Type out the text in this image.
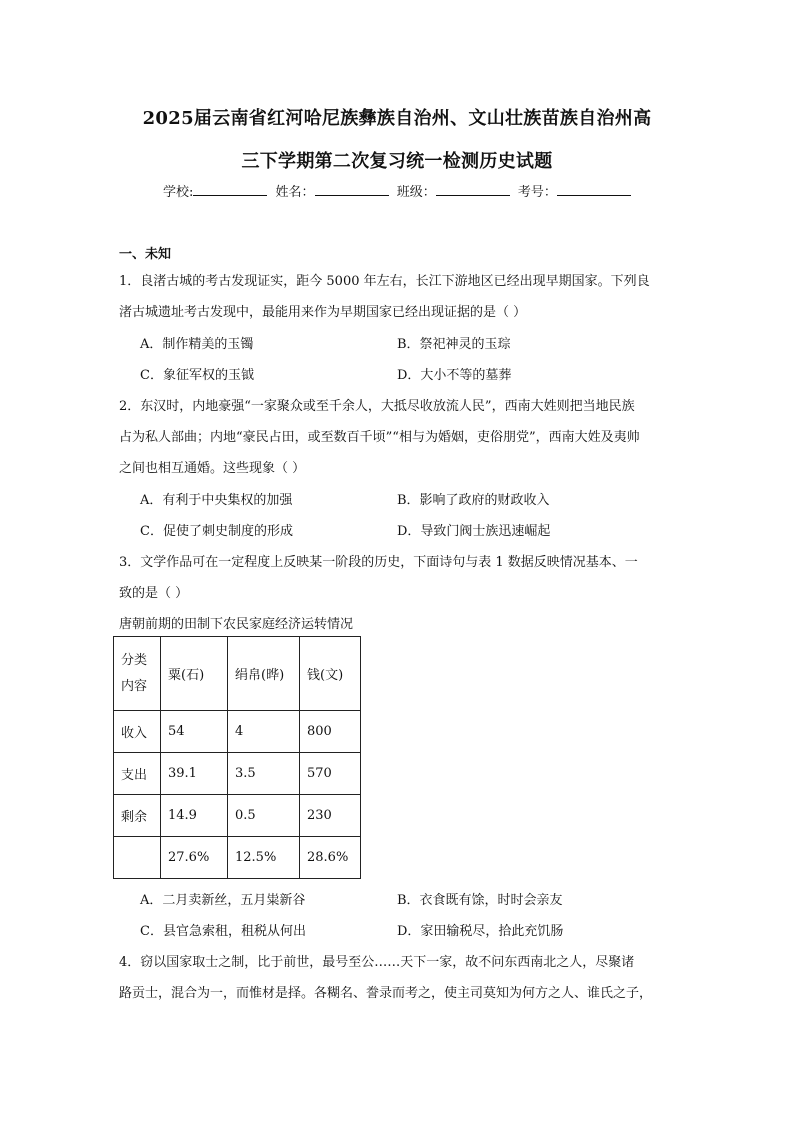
2025届云南省红河哈尼族彝族自治州、文山壮族苗族自治州高
三下学期第二次复习统一检测历史试题
学校:	姓名：	班级：	考号：
一、未知
1．良渚古城的考古发现证实，距今 5000 年左右，长江下游地区已经出现早期国家。下列良
渚古城遗址考古发现中，最能用来作为早期国家已经出现证据的是（ ）
A．制作精美的玉镯	B．祭祀神灵的玉琮
C．象征军权的玉钺	D．大小不等的墓葬
2．东汉时，内地豪强“一家聚众或至千余人，大抵尽收放流人民”，西南大姓则把当地民族
占为私人部曲；内地“豪民占田，或至数百千顷”“相与为婚姻，吏俗朋党”，西南大姓及夷帅
之间也相互通婚。这些现象（ ）
A．有利于中央集权的加强	B．影响了政府的财政收入
C．促使了刺史制度的形成	D．导致门阀士族迅速崛起
3．文学作品可在一定程度上反映某一阶段的历史，下面诗句与表 1 数据反映情况基本、一
致的是（ ）
唐朝前期的田制下农民家庭经济运转情况
分类
内容	粟(石)	绢帛(晔)	钱(文)
收入	54	4	800
支出	39.1	3.5	570
剩余	14.9	0.5	230
	27.6%	12.5%	28.6%
A．二月卖新丝，五月粜新谷	B．衣食既有馀，时时会亲友
C．县官急索租，租税从何出	D．家田输税尽，拾此充饥肠
4．窃以国家取士之制，比于前世，最号至公……天下一家，故不问东西南北之人，尽聚诸
路贡士，混合为一，而惟材是择。各糊名、誊录而考之，使主司莫知为何方之人、谁氏之子，
